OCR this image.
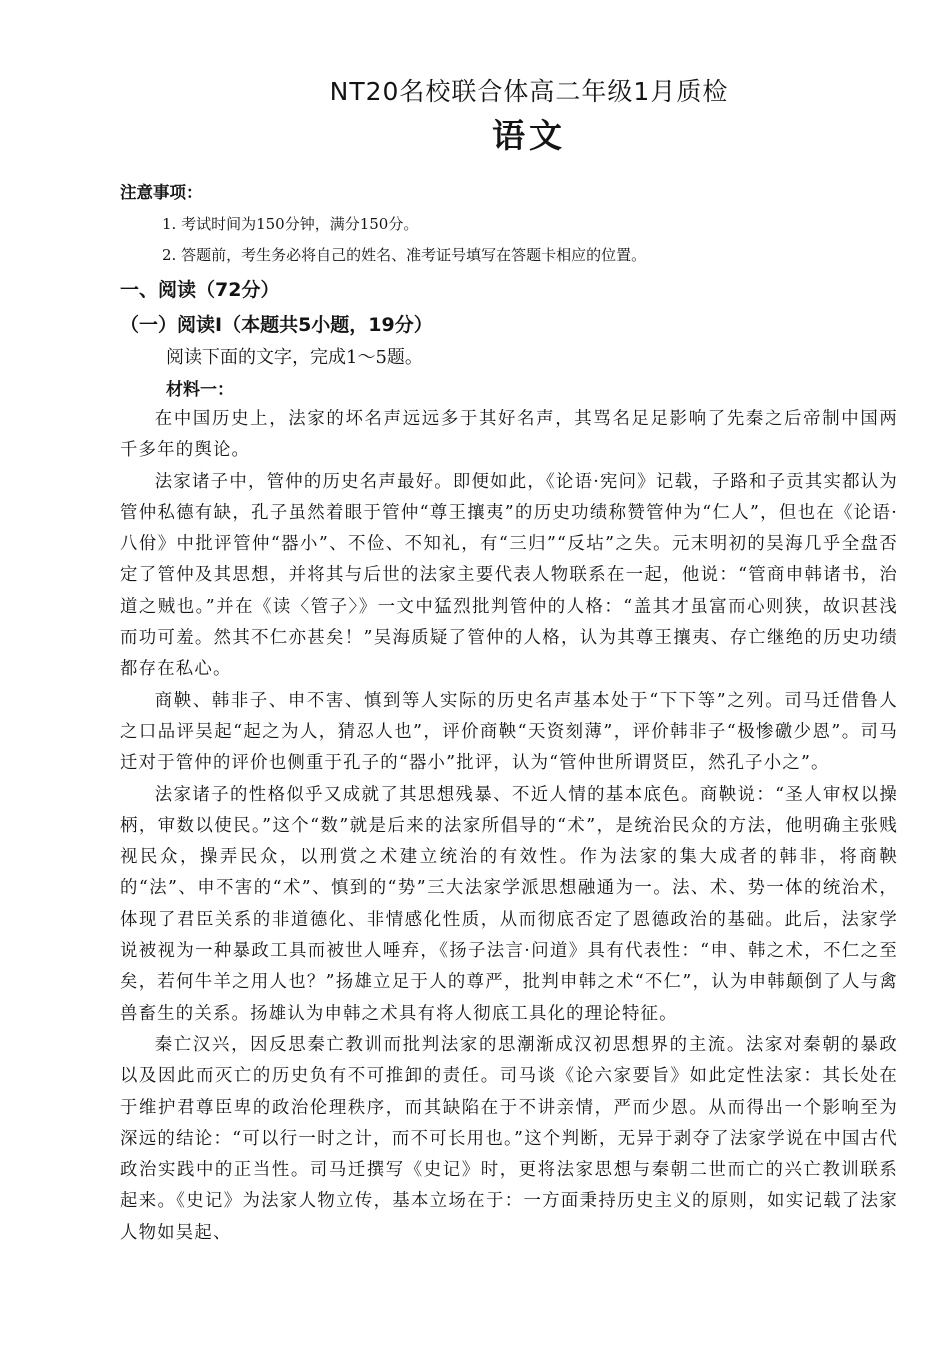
NT20名校联合体高二年级1月质检
语文
注意事项：
1. 考试时间为150分钟，满分150分。
2. 答题前，考生务必将自己的姓名、准考证号填写在答题卡相应的位置。
一、阅读（72分）
（一）阅读Ⅰ（本题共5小题，19分）
阅读下面的文字，完成1～5题。
材料一：

在中国历史上，法家的坏名声远远多于其好名声，其骂名足足影响了先秦之后帝制中国两千多年的舆论。

法家诸子中，管仲的历史名声最好。即便如此，《论语·宪问》记载，子路和子贡其实都认为管仲私德有缺，孔子虽然着眼于管仲“尊王攘夷”的历史功绩称赞管仲为“仁人”，但也在《论语·八佾》中批评管仲“器小”、不俭、不知礼，有“三归”“反坫”之失。元末明初的吴海几乎全盘否定了管仲及其思想，并将其与后世的法家主要代表人物联系在一起，他说：“管商申韩诸书，治道之贼也。”并在《读〈管子〉》一文中猛烈批判管仲的人格：“盖其才虽富而心则狭，故识甚浅而功可羞。然其不仁亦甚矣！”吴海质疑了管仲的人格，认为其尊王攘夷、存亡继绝的历史功绩都存在私心。

商鞅、韩非子、申不害、慎到等人实际的历史名声基本处于“下下等”之列。司马迁借鲁人之口品评吴起“起之为人，猜忍人也”，评价商鞅“天资刻薄”，评价韩非子“极惨礉少恩”。司马迁对于管仲的评价也侧重于孔子的“器小”批评，认为“管仲世所谓贤臣，然孔子小之”。

法家诸子的性格似乎又成就了其思想残暴、不近人情的基本底色。商鞅说：“圣人审权以操柄，审数以使民。”这个“数”就是后来的法家所倡导的“术”，是统治民众的方法，他明确主张贱视民众，操弄民众，以刑赏之术建立统治的有效性。作为法家的集大成者的韩非，将商鞅的“法”、申不害的“术”、慎到的“势”三大法家学派思想融通为一。法、术、势一体的统治术，体现了君臣关系的非道德化、非情感化性质，从而彻底否定了恩德政治的基础。此后，法家学说被视为一种暴政工具而被世人唾弃，《扬子法言·问道》具有代表性：“申、韩之术，不仁之至矣，若何牛羊之用人也？”扬雄立足于人的尊严，批判申韩之术“不仁”，认为申韩颠倒了人与禽兽畜生的关系。扬雄认为申韩之术具有将人彻底工具化的理论特征。

秦亡汉兴，因反思秦亡教训而批判法家的思潮渐成汉初思想界的主流。法家对秦朝的暴政以及因此而灭亡的历史负有不可推卸的责任。司马谈《论六家要旨》如此定性法家：其长处在于维护君尊臣卑的政治伦理秩序，而其缺陷在于不讲亲情，严而少恩。从而得出一个影响至为深远的结论：“可以行一时之计，而不可长用也。”这个判断，无异于剥夺了法家学说在中国古代政治实践中的正当性。司马迁撰写《史记》时，更将法家思想与秦朝二世而亡的兴亡教训联系起来。《史记》为法家人物立传，基本立场在于：一方面秉持历史主义的原则，如实记载了法家人物如吴起、
